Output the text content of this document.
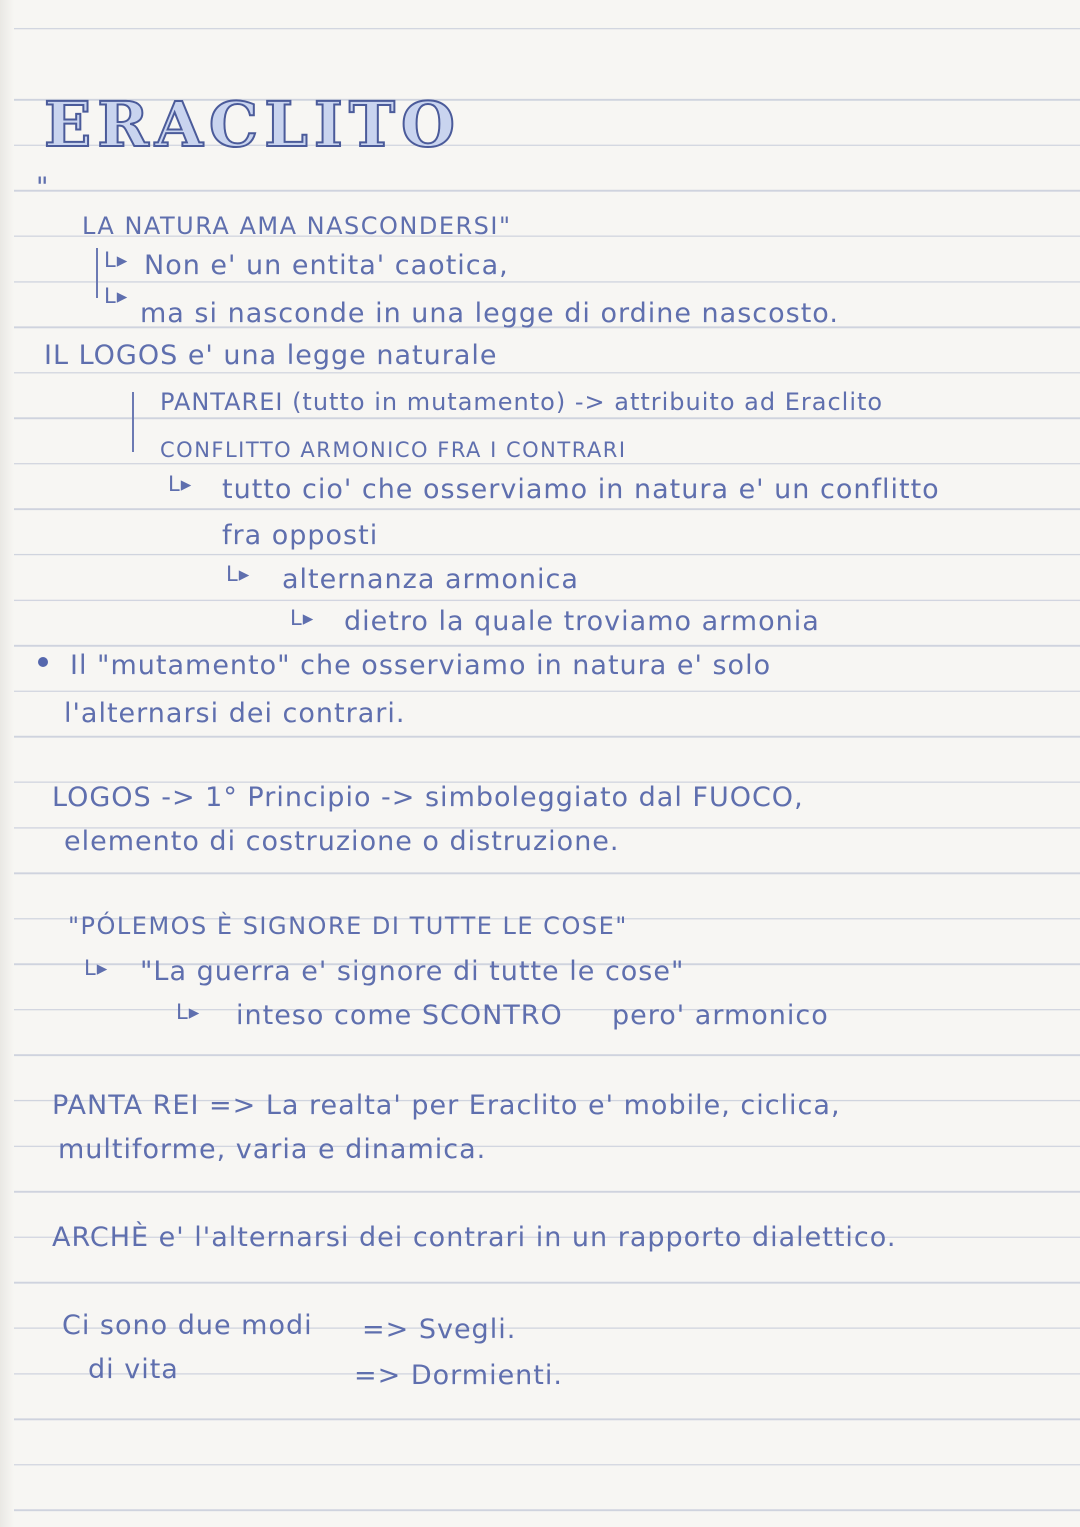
ERACLITO
"
LA NATURA AMA NASCONDERSI"
L▸ Non e' un entita' caotica,
L▸
ma si nasconde in una legge di ordine nascosto.
IL LOGOS e' una legge naturale
PANTAREI (tutto in mutamento) -> attribuito ad Eraclito
CONFLITTO ARMONICO FRA I CONTRARI
L▸ tutto cio' che osserviamo in natura e' un conflitto
fra opposti
L▸ alternanza armonica
L▸ dietro la quale troviamo armonia
Il "mutamento" che osserviamo in natura e' solo
l'alternarsi dei contrari.
LOGOS -> 1° Principio -> simboleggiato dal FUOCO,
elemento di costruzione o distruzione.
"PÓLEMOS È SIGNORE DI TUTTE LE COSE"
L▸ "La guerra e' signore di tutte le cose"
L▸ inteso come SCONTRO pero' armonico
PANTA REI => La realta' per Eraclito e' mobile, ciclica,
multiforme, varia e dinamica.
ARCHÈ e' l'alternarsi dei contrari in un rapporto dialettico.
Ci sono due modi => Svegli.
di vita	=> Dormienti.
